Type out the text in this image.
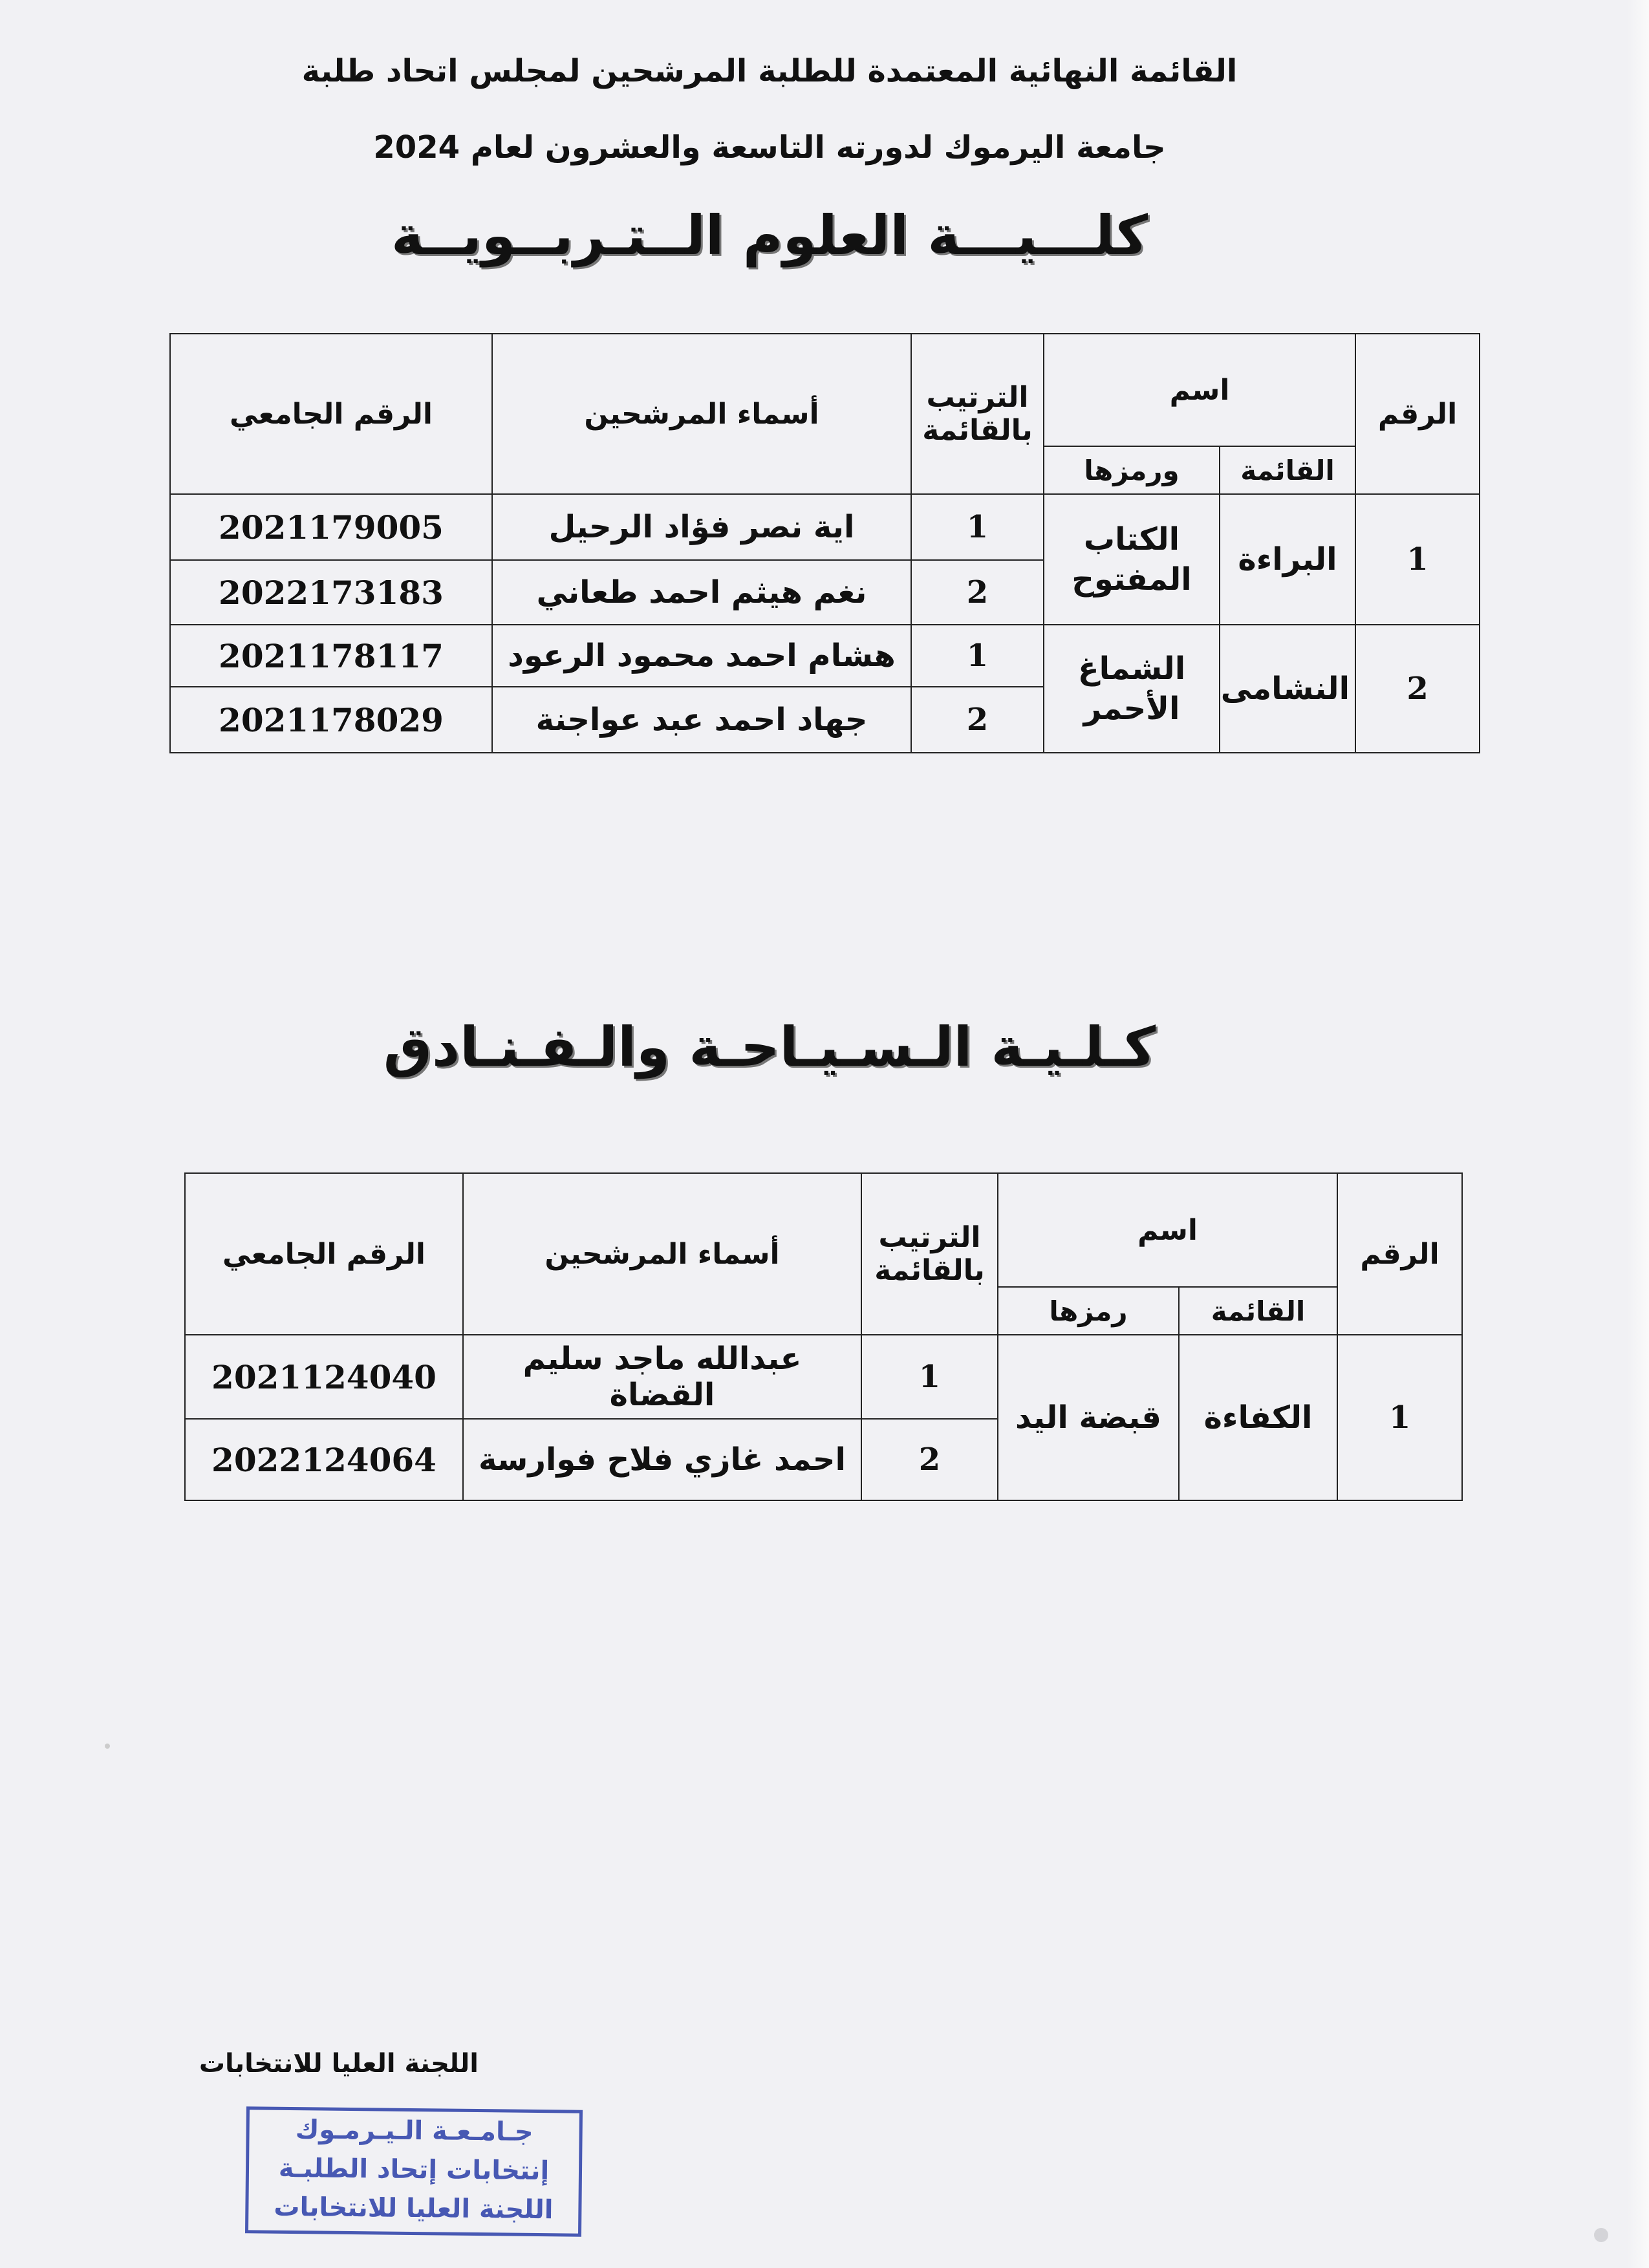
القائمة النهائية المعتمدة للطلبة المرشحين لمجلس اتحاد طلبة
جامعة اليرموك لدورته التاسعة والعشرون لعام 2024
كلـــيـــة العلوم الــتـربــويــة
الرقم	اسم		الترتيب بالقائمة	أسماء المرشحين	الرقم الجامعي
	القائمة	ورمزها			
1	البراءة	الكتاب المفتوح	1	اية نصر فؤاد الرحيل	2021179005
			2	نغم هيثم احمد طعاني	2022173183
2	النشامى	الشماغ الأحمر	1	هشام احمد محمود الرعود	2021178117
			2	جهاد احمد عبد عواجنة	2021178029
كـلـيـة الـسـيـاحـة والـفـنـادق
الرقم	اسم		الترتيب بالقائمة	أسماء المرشحين	الرقم الجامعي
	القائمة	رمزها			
1	الكفاءة	قبضة اليد	1	عبدالله ماجد سليم القضاة	2021124040
			2	احمد غازي فلاح فوارسة	2022124064
اللجنة العليا للانتخابات
جـامـعـة الـيـرمـوك
إنتخابات إتحاد الطلبـة
اللجنة العليا للانتخابات
